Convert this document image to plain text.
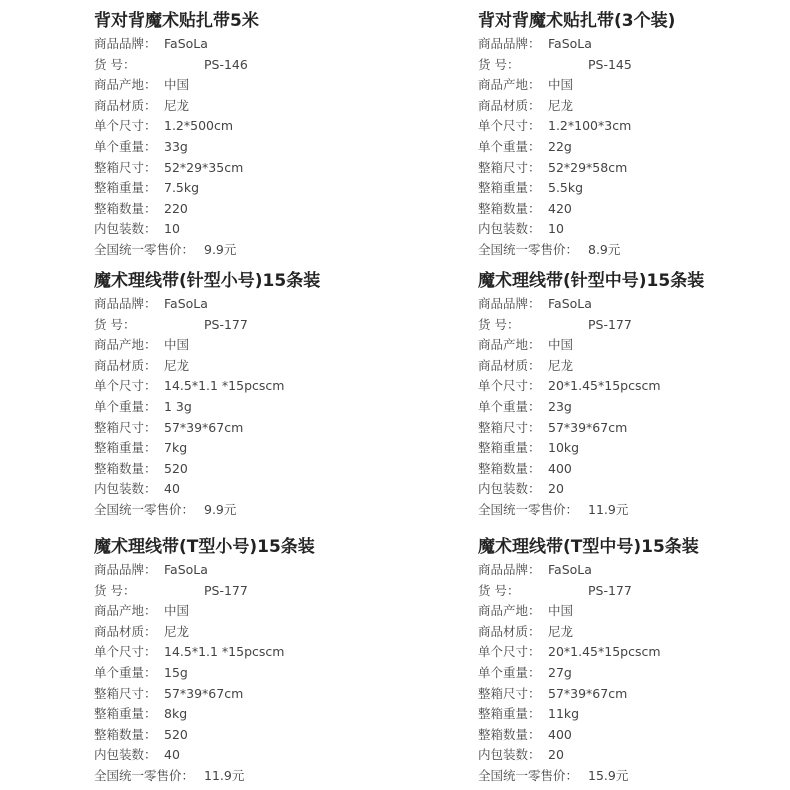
背对背魔术贴扎带5米
商品品牌： FaSoLa
货 号：	PS-146
商品产地： 中国
商品材质： 尼龙
单个尺寸： 1.2*500cm
单个重量： 33g
整箱尺寸： 52*29*35cm
整箱重量： 7.5kg
整箱数量： 220
内包装数： 10
全国统一零售价： 9.9元
背对背魔术贴扎带(3个装)
商品品牌： FaSoLa
货 号：	PS-145
商品产地： 中国
商品材质： 尼龙
单个尺寸： 1.2*100*3cm
单个重量： 22g
整箱尺寸： 52*29*58cm
整箱重量： 5.5kg
整箱数量： 420
内包装数： 10
全国统一零售价： 8.9元
魔术理线带(针型小号)15条装
商品品牌： FaSoLa
货 号：	PS-177
商品产地： 中国
商品材质： 尼龙
单个尺寸： 14.5*1.1 *15pcscm
单个重量： 1 3g
整箱尺寸： 57*39*67cm
整箱重量： 7kg
整箱数量： 520
内包装数： 40
全国统一零售价： 9.9元
魔术理线带(针型中号)15条装
商品品牌： FaSoLa
货 号：	PS-177
商品产地： 中国
商品材质： 尼龙
单个尺寸： 20*1.45*15pcscm
单个重量： 23g
整箱尺寸： 57*39*67cm
整箱重量： 10kg
整箱数量： 400
内包装数： 20
全国统一零售价： 11.9元
魔术理线带(T型小号)15条装
商品品牌： FaSoLa
货 号：	PS-177
商品产地： 中国
商品材质： 尼龙
单个尺寸： 14.5*1.1 *15pcscm
单个重量： 15g
整箱尺寸： 57*39*67cm
整箱重量： 8kg
整箱数量： 520
内包装数： 40
全国统一零售价： 11.9元
魔术理线带(T型中号)15条装
商品品牌： FaSoLa
货 号：	PS-177
商品产地： 中国
商品材质： 尼龙
单个尺寸： 20*1.45*15pcscm
单个重量： 27g
整箱尺寸： 57*39*67cm
整箱重量： 11kg
整箱数量： 400
内包装数： 20
全国统一零售价： 15.9元
